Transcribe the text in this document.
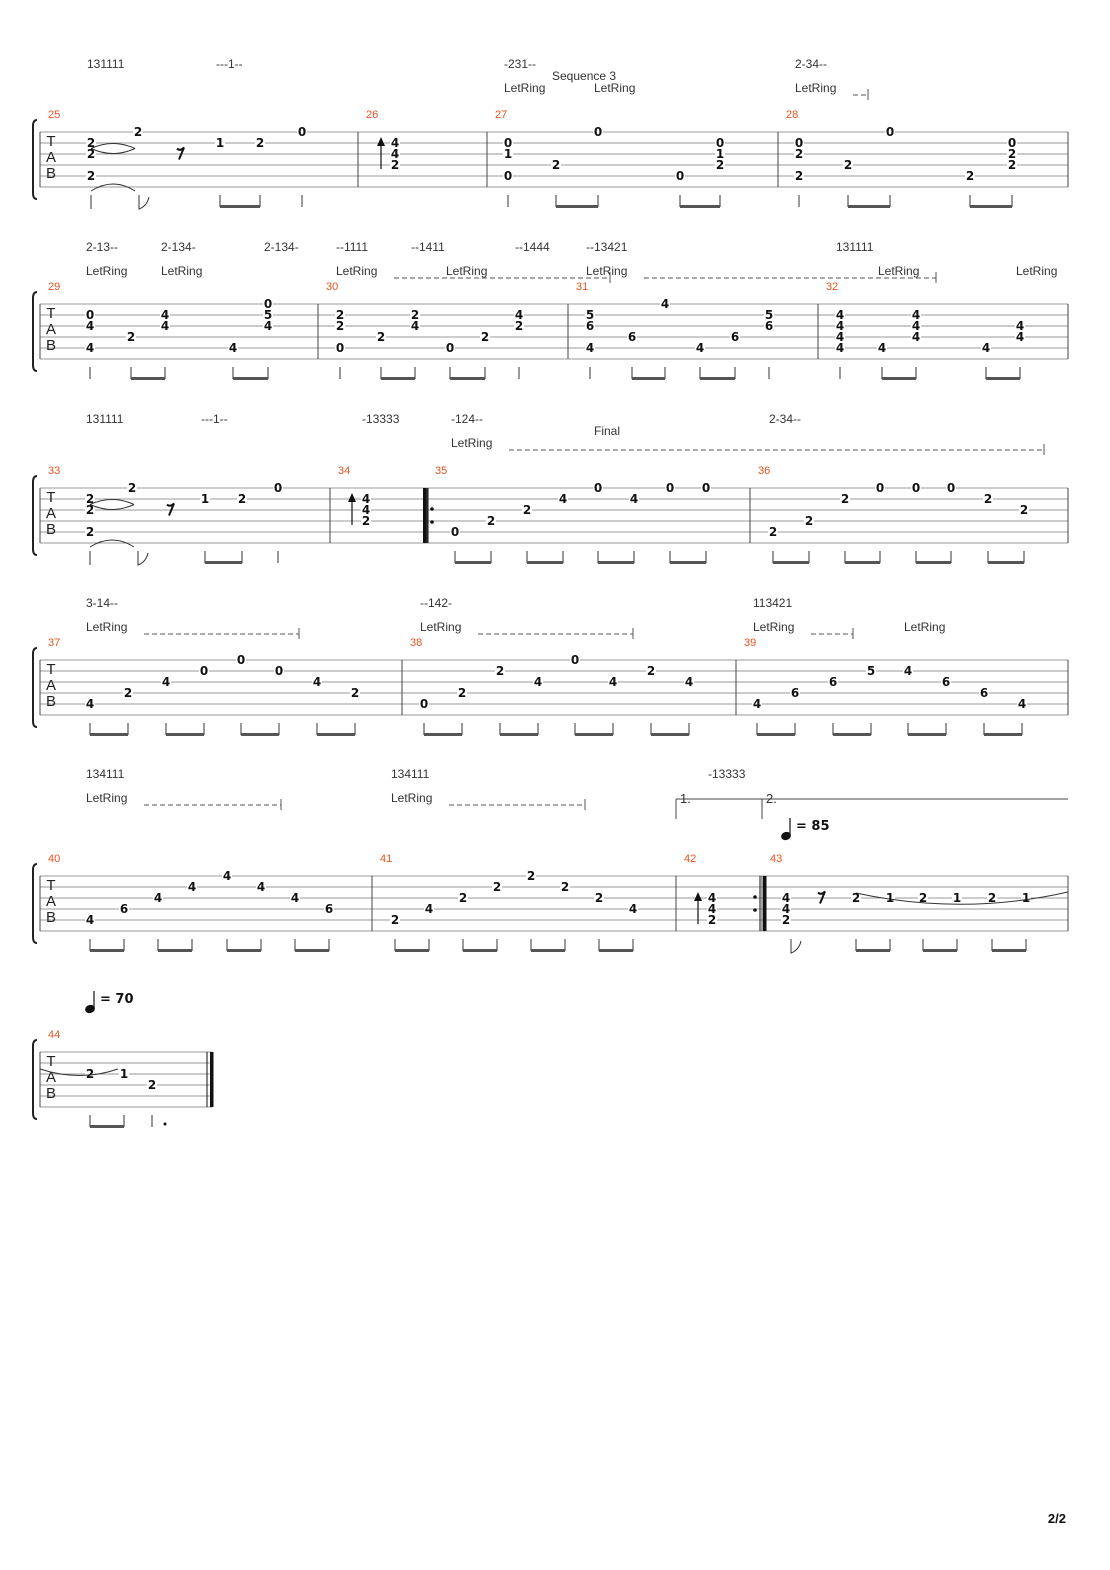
T
A
B
25
2
2
2
2
1	2
0
26
4
4
2
27
0
1
0
2
0
0
0
1
2
28
0
2
2
2
0
2
0
2
2
131111	---1--	-231--
Sequence 3
LetRing	LetRing
2-34--
LetRing
T
A
B
29
0
4
4
2
4
4
4
0
5
4
30
2
2
0
2
2
4
0
2
4
2
31
5
6
4
6
4
4
6
5
6
32
4
4
4
4	4
4
4
4
4
4
4
2-13--
LetRing
2-134-
LetRing
2-134-	--1111
LetRing
--1411
LetRing
--1444	--13421
LetRing
131111
LetRing	LetRing
T
A
B
33
2
2
2
2
1 2
0
34
4
4
2
35
0
2
2
4
0
4
0 0
36
2
2
2
0 0 0
2
2
131111	---1--	-13333	-124--
Final
LetRing
2-34--
T
A
B
37
4
2
4
0
0
0
4
2
38
0
2
2
4
0
4
2
4
39
4
6
6
5 4
6
6
4
3-14--
LetRing
--142-
LetRing
113421
LetRing	LetRing
T
A
B
40
4
6
4
4
4
4
4
6
41
2
4
2
2
2
2
2
4
42
4
4
2
43
4
4
2
2 1 2 1 2 1
134111
LetRing
134111
LetRing
-13333
1.	2.
= 85
T
A
B
44
2 1
2
= 70
2/2
